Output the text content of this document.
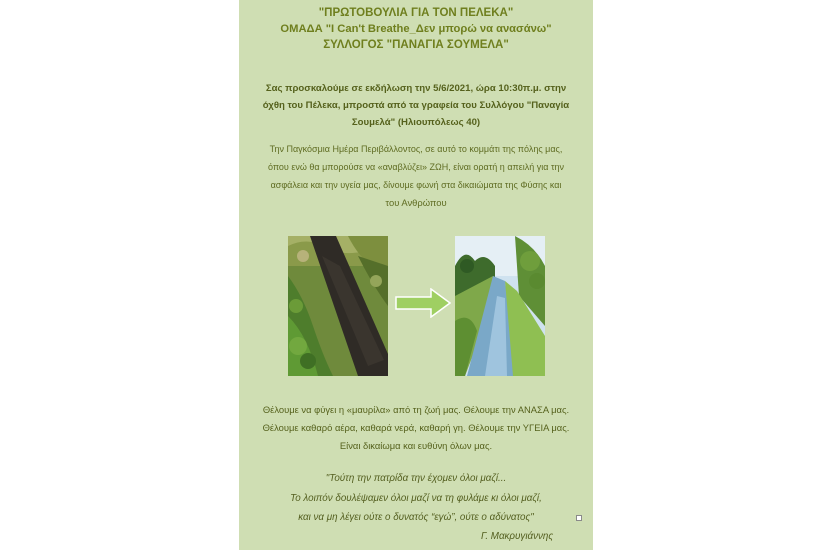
"ΠΡΩΤΟΒΟΥΛΙΑ ΓΙΑ ΤΟΝ ΠΕΛΕΚΑ"
ΟΜΑΔΑ "I Can't Breathe_Δεν μπορώ να ανασάνω"
ΣΥΛΛΟΓΟΣ "ΠΑΝΑΓΙΑ ΣΟΥΜΕΛΑ"
Σας προσκαλούμε σε εκδήλωση την 5/6/2021, ώρα 10:30π.μ. στην
όχθη του Πέλεκα, μπροστά από τα γραφεία του Συλλόγου "Παναγία
Σουμελά" (Ηλιουπόλεως 40)
Την Παγκόσμια Ημέρα Περιβάλλοντος, σε αυτό το κομμάτι της πόλης μας,
όπου ενώ θα μπορούσε να «αναβλύζει» ΖΩΗ, είναι ορατή η απειλή για την
ασφάλεια και την υγεία μας, δίνουμε φωνή στα δικαιώματα της Φύσης και
του Ανθρώπου
Θέλουμε να φύγει η «μαυρίλα» από τη ζωή μας. Θέλουμε την ΑΝΑΣΑ μας.
Θέλουμε καθαρό αέρα, καθαρά νερά, καθαρή γη. Θέλουμε την ΥΓΕΙΑ μας.
Είναι δικαίωμα και ευθύνη όλων μας.
"Τούτη την πατρίδα την έχομεν όλοι μαζί...
Το λοιπόν δουλέψαμεν όλοι μαζί να τη φυλάμε κι όλοι μαζί,
και να μη λέγει ούτε ο δυνατός “εγώ”, ούτε ο αδύνατος"
Γ. Μακρυγιάννης
